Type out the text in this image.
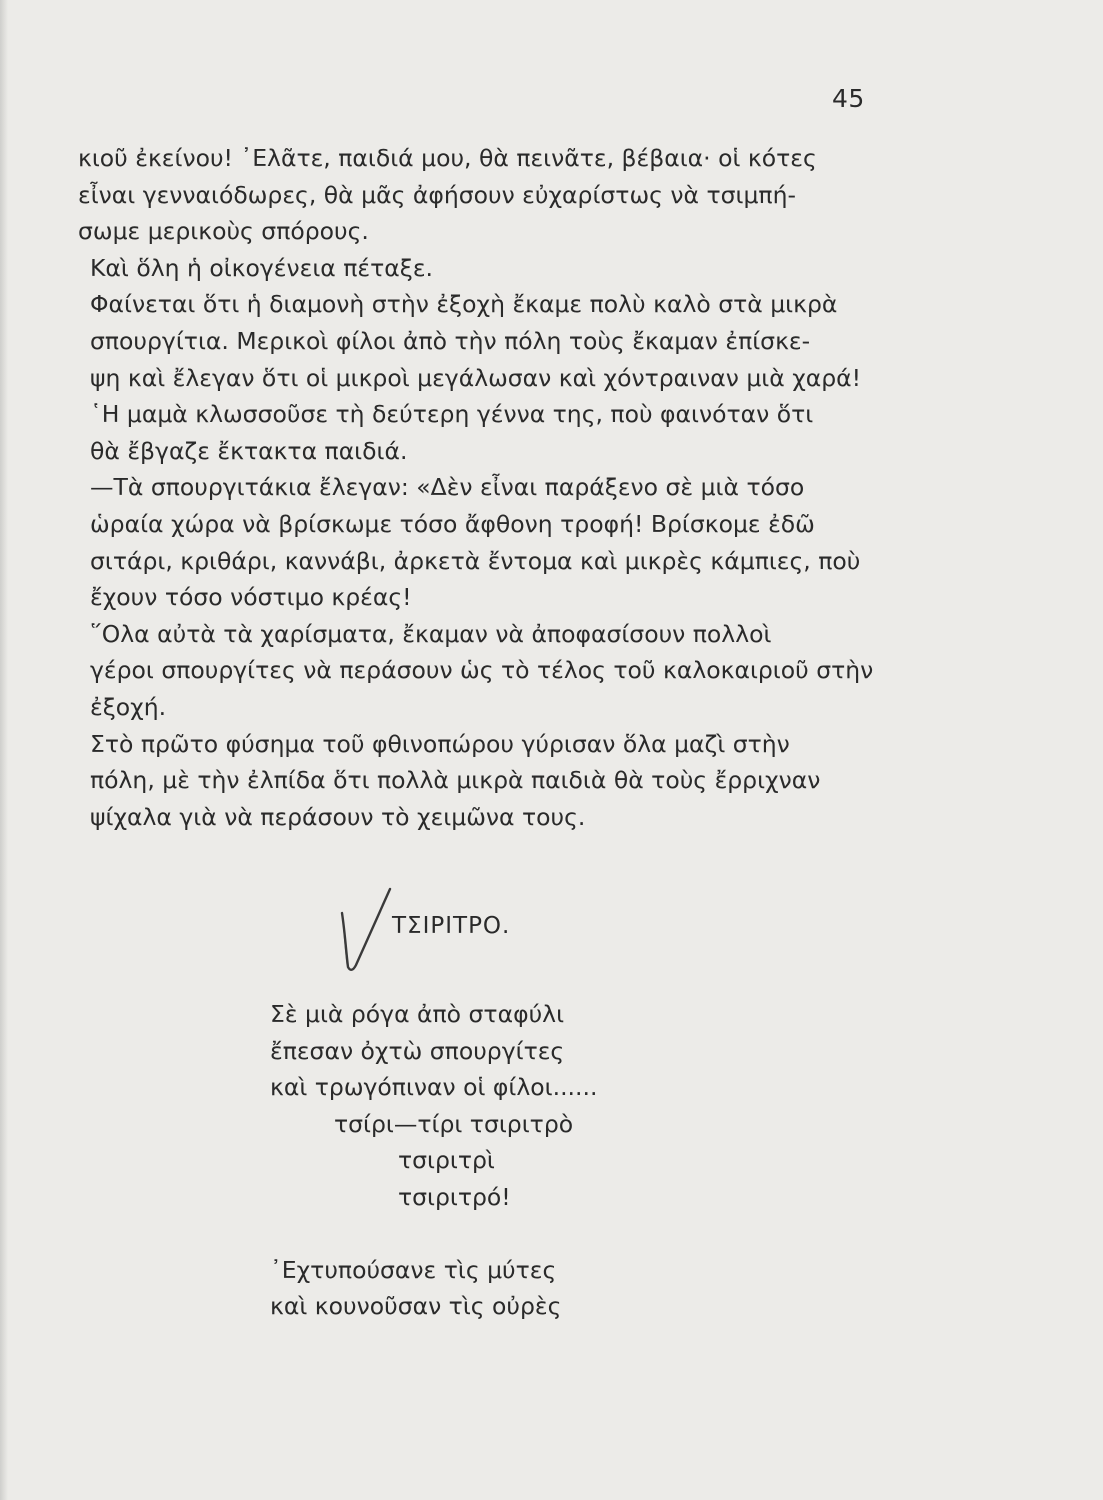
45

κιοῦ ἐκείνου! ᾿Ελᾶτε, παιδιά μου, θὰ πεινᾶτε, βέβαια· οἱ κότες
εἶναι γενναιόδωρες, θὰ μᾶς ἀφήσουν εὐχαρίστως νὰ τσιμπή-
σωμε μερικοὺς σπόρους.

Καὶ ὅλη ἡ οἰκογένεια πέταξε.

Φαίνεται ὅτι ἡ διαμονὴ στὴν ἐξοχὴ ἔκαμε πολὺ καλὸ στὰ μικρὰ
σπουργίτια. Μερικοὶ φίλοι ἀπὸ τὴν πόλη τοὺς ἔκαμαν ἐπίσκε-
ψη καὶ ἔλεγαν ὅτι οἱ μικροὶ μεγάλωσαν καὶ χόντραιναν μιὰ χαρά!

῾Η μαμὰ κλωσσοῦσε τὴ δεύτερη γέννα της, ποὺ φαινόταν ὅτι
θὰ ἔβγαζε ἔκτακτα παιδιά.

—Τὰ σπουργιτάκια ἔλεγαν: «Δὲν εἶναι παράξενο σὲ μιὰ τόσο
ὡραία χώρα νὰ βρίσκωμε τόσο ἄφθονη τροφή! Βρίσκομε ἐδῶ
σιτάρι, κριθάρι, καννάβι, ἀρκετὰ ἔντομα καὶ μικρὲς κάμπιες, ποὺ
ἔχουν τόσο νόστιμο κρέας!

῞Ολα αὐτὰ τὰ χαρίσματα, ἔκαμαν νὰ ἀποφασίσουν πολλοὶ
γέροι σπουργίτες νὰ περάσουν ὡς τὸ τέλος τοῦ καλοκαιριοῦ στὴν
ἐξοχή.

Στὸ πρῶτο φύσημα τοῦ φθινοπώρου γύρισαν ὅλα μαζὶ στὴν
πόλη, μὲ τὴν ἐλπίδα ὅτι πολλὰ μικρὰ παιδιὰ θὰ τοὺς ἔρριχναν
ψίχαλα γιὰ νὰ περάσουν τὸ χειμῶνα τους.

ΤΣΙΡΙΤΡΟ.
Σὲ μιὰ ρόγα ἀπὸ σταφύλι
ἔπεσαν ὀχτὼ σπουργίτες
καὶ τρωγόπιναν οἱ φίλοι......
τσίρι—τίρι τσιριτρὸ
τσιριτρὶ
τσιριτρό!
᾿Εχτυπούσανε τὶς μύτες
καὶ κουνοῦσαν τὶς οὐρὲς
